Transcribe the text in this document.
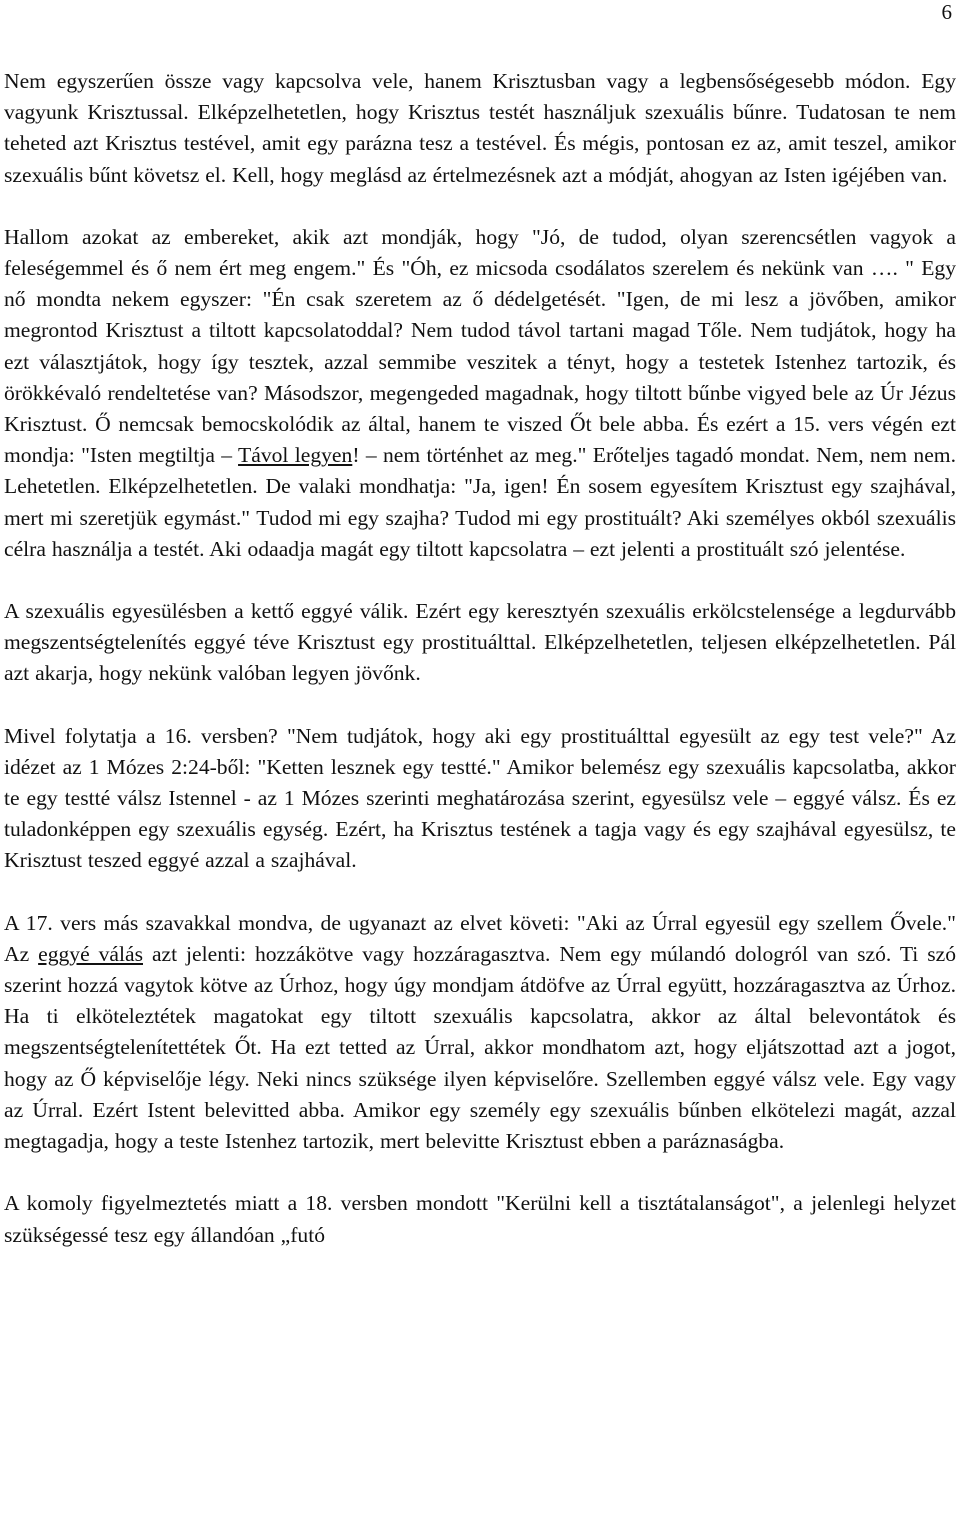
6

Nem egyszerűen össze vagy kapcsolva vele, hanem Krisztusban vagy a legbensőségesebb módon. Egy vagyunk Krisztussal. Elképzelhetetlen, hogy Krisztus testét használjuk szexuális bűnre. Tudatosan te nem teheted azt Krisztus testével, amit egy parázna tesz a testével. És mégis, pontosan ez az, amit teszel, amikor szexuális bűnt követsz el. Kell, hogy meglásd az értelmezésnek azt a módját, ahogyan az Isten igéjében van.

Hallom azokat az embereket, akik azt mondják, hogy "Jó, de tudod, olyan szerencsétlen vagyok a feleségemmel és ő nem ért meg engem." És "Óh, ez micsoda csodálatos szerelem és nekünk van …. " Egy nő mondta nekem egyszer: "Én csak szeretem az ő dédelgetését. "Igen, de mi lesz a jövőben, amikor megrontod Krisztust a tiltott kapcsolatoddal? Nem tudod távol tartani magad Tőle. Nem tudjátok, hogy ha ezt választjátok, hogy így tesztek, azzal semmibe veszitek a tényt, hogy a testetek Istenhez tartozik, és örökkévaló rendeltetése van? Másodszor, megengeded magadnak, hogy tiltott bűnbe vigyed bele az Úr Jézus Krisztust. Ő nemcsak bemocskolódik az által, hanem te viszed Őt bele abba. És ezért a 15. vers végén ezt mondja: "Isten megtiltja – Távol legyen! – nem történhet az meg." Erőteljes tagadó mondat. Nem, nem nem. Lehetetlen. Elképzelhetetlen. De valaki mondhatja: "Ja, igen! Én sosem egyesítem Krisztust egy szajhával, mert mi szeretjük egymást." Tudod mi egy szajha? Tudod mi egy prostituált? Aki személyes okból szexuális célra használja a testét. Aki odaadja magát egy tiltott kapcsolatra – ezt jelenti a prostituált szó jelentése.

A szexuális egyesülésben a kettő eggyé válik. Ezért egy keresztyén szexuális erkölcstelensége a legdurvább megszentségtelenítés eggyé téve Krisztust egy prostituálttal. Elképzelhetetlen, teljesen elképzelhetetlen. Pál azt akarja, hogy nekünk valóban legyen jövőnk.

Mivel folytatja a 16. versben? "Nem tudjátok, hogy aki egy prostituálttal egyesült az egy test vele?" Az idézet az 1 Mózes 2:24-ből: "Ketten lesznek egy testté." Amikor belemész egy szexuális kapcsolatba, akkor te egy testté válsz Istennel - az 1 Mózes szerinti meghatározása szerint, egyesülsz vele – eggyé válsz. És ez tuladonképpen egy szexuális egység. Ezért, ha Krisztus testének a tagja vagy és egy szajhával egyesülsz, te Krisztust teszed eggyé azzal a szajhával.

A 17. vers más szavakkal mondva, de ugyanazt az elvet követi: "Aki az Úrral egyesül egy szellem Ővele." Az eggyé válás azt jelenti: hozzákötve vagy hozzáragasztva. Nem egy múlandó dologról van szó. Ti szó szerint hozzá vagytok kötve az Úrhoz, hogy úgy mondjam átdöfve az Úrral együtt, hozzáragasztva az Úrhoz. Ha ti elköteleztétek magatokat egy tiltott szexuális kapcsolatra, akkor az által belevontátok és megszentségtelenítettétek Őt. Ha ezt tetted az Úrral, akkor mondhatom azt, hogy eljátszottad azt a jogot, hogy az Ő képviselője légy. Neki nincs szüksége ilyen képviselőre. Szellemben eggyé válsz vele. Egy vagy az Úrral. Ezért Istent belevitted abba. Amikor egy személy egy szexuális bűnben elkötelezi magát, azzal megtagadja, hogy a teste Istenhez tartozik, mert belevitte Krisztust ebben a paráznaságba.

A komoly figyelmeztetés miatt a 18. versben mondott "Kerülni kell a tisztátalanságot", a jelenlegi helyzet szükségessé tesz egy állandóan „futó
